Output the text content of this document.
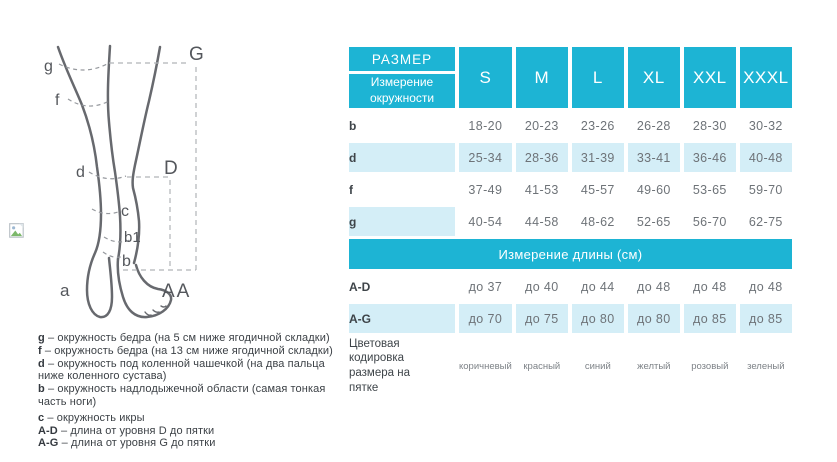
g
f
d
c
b1
b
a
G
D
AA

g – окружность бедра (на 5 см ниже ягодичной складки)

f – окружность бедра (на 13 см ниже ягодичной складки)

d – окружность под коленной чашечкой (на два пальца ниже коленного сустава)

b – окружность надлодыжечной области (самая тонкая часть ноги)

c – окружность икры

A-D – длина от уровня D до пятки

A-G – длина от уровня G до пятки

РАЗМЕР	S	M	L	XL	XXL	XXXL
Измерение окружности						
b	18-20	20-23	23-26	26-28	28-30	30-32
d	25-34	28-36	31-39	33-41	36-46	40-48
f	37-49	41-53	45-57	49-60	53-65	59-70
g	40-54	44-58	48-62	52-65	56-70	62-75
Измерение длины (см)						
A-D	до 37	до 40	до 44	до 48	до 48	до 48
A-G	до 70	до 75	до 80	до 80	до 85	до 85

Цветовая кодировка размера на пятке	коричневый	красный	синий	желтый	розовый	зеленый
